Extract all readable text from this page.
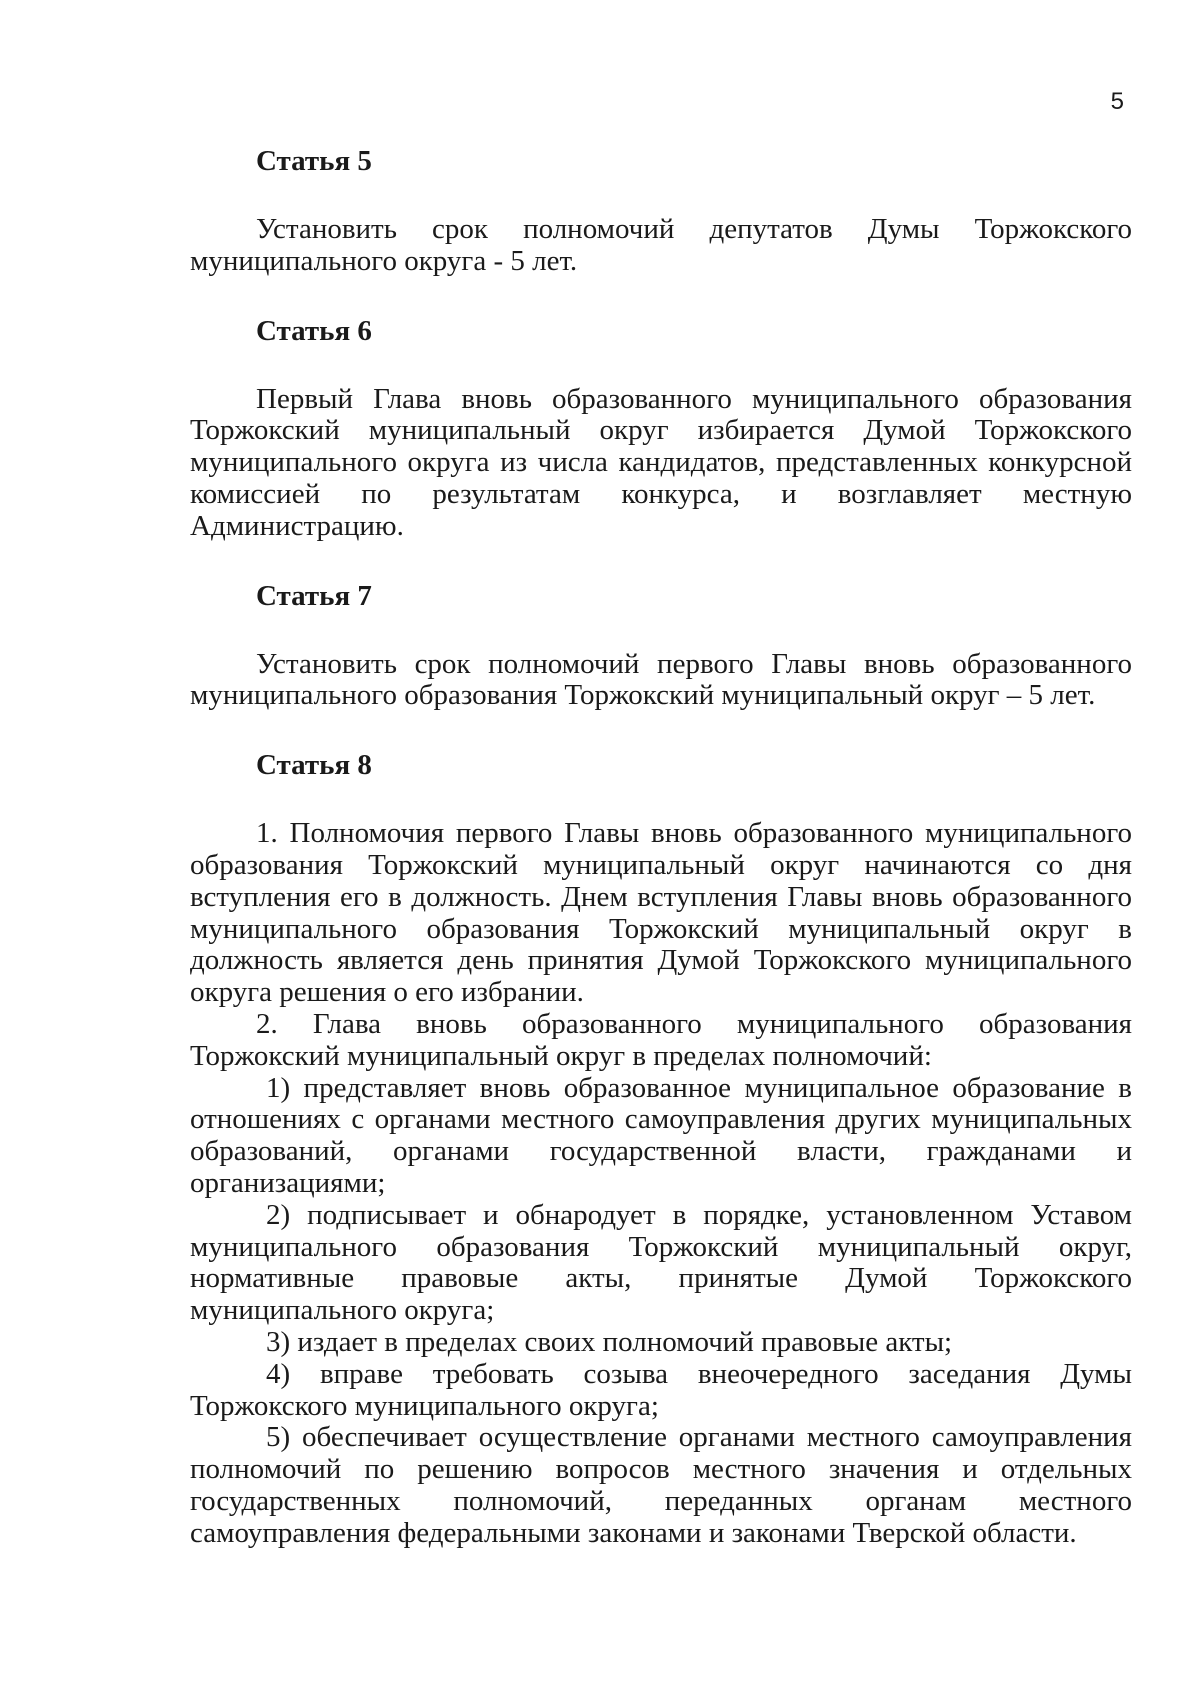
5
Статья 5

Установить срок полномочий депутатов Думы Торжокского муниципального округа - 5 лет.

Статья 6

Первый Глава вновь образованного муниципального образования Торжокский муниципальный округ избирается Думой Торжокского муниципального округа из числа кандидатов, представленных конкурсной комиссией по результатам конкурса, и возглавляет местную Администрацию.

Статья 7

Установить срок полномочий первого Главы вновь образованного муниципального образования Торжокский муниципальный округ – 5 лет.

Статья 8

1. Полномочия первого Главы вновь образованного муниципального образования Торжокский муниципальный округ начинаются со дня вступления его в должность. Днем вступления Главы вновь образованного муниципального образования Торжокский муниципальный округ в должность является день принятия Думой Торжокского муниципального округа решения о его избрании.

2. Глава вновь образованного муниципального образования Торжокский муниципальный округ в пределах полномочий:

1) представляет вновь образованное муниципальное образование в отношениях с органами местного самоуправления других муниципальных образований, органами государственной власти, гражданами и организациями;

2) подписывает и обнародует в порядке, установленном Уставом муниципального образования Торжокский муниципальный округ, нормативные правовые акты, принятые Думой Торжокского муниципального округа;

3) издает в пределах своих полномочий правовые акты;

4) вправе требовать созыва внеочередного заседания Думы Торжокского муниципального округа;

5) обеспечивает осуществление органами местного самоуправления полномочий по решению вопросов местного значения и отдельных государственных полномочий, переданных органам местного самоуправления федеральными законами и законами Тверской области.
